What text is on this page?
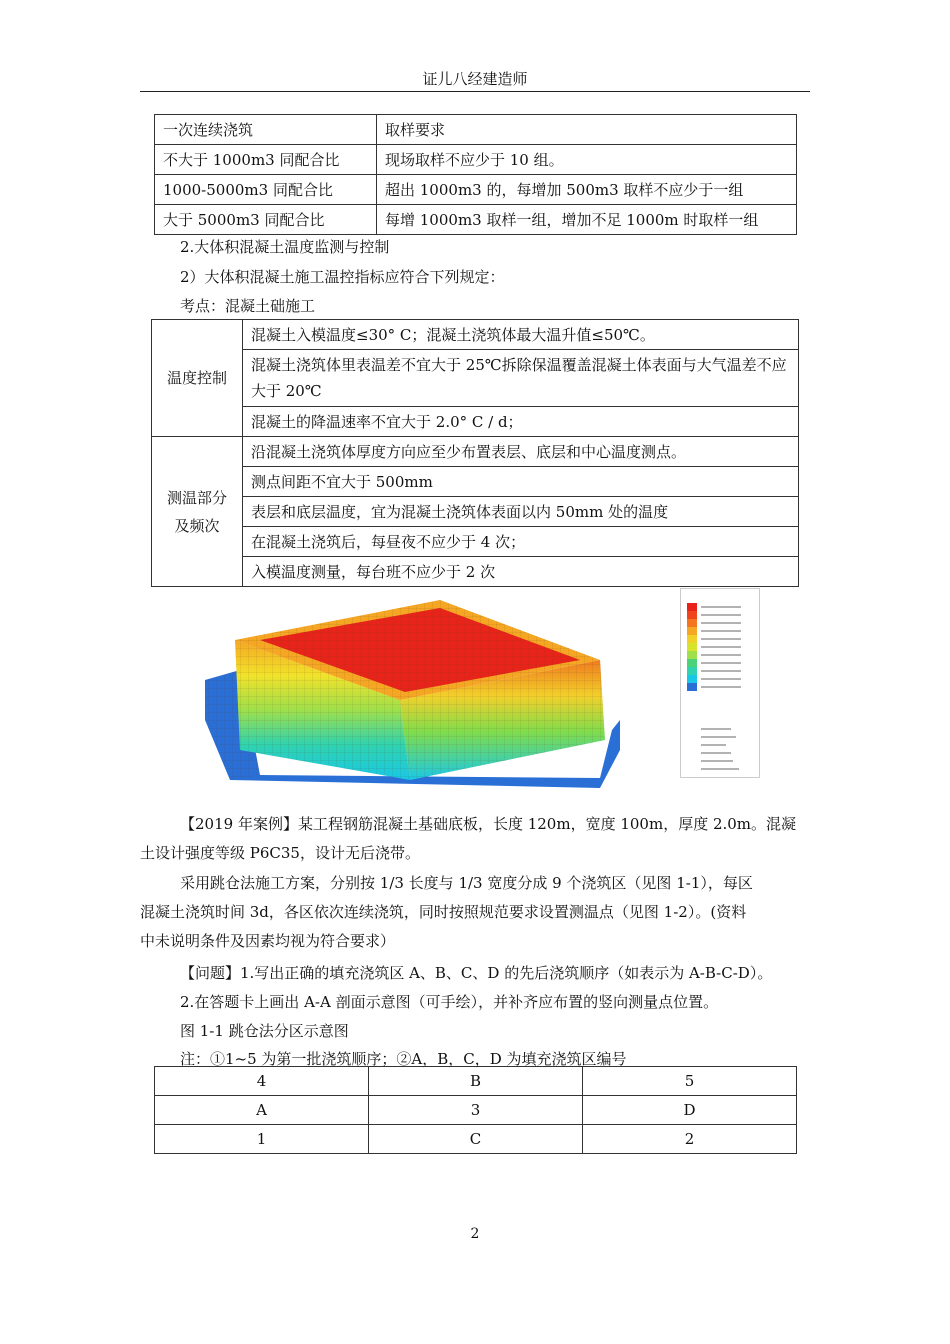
证儿八经建造师
一次连续浇筑	取样要求
不大于 1000m3 同配合比	现场取样不应少于 10 组。
1000-5000m3 同配合比	超出 1000m3 的，每增加 500m3 取样不应少于一组
大于 5000m3 同配合比	每增 1000m3 取样一组，增加不足 1000m 时取样一组
2.大体积混凝土温度监测与控制
2）大体积混凝土施工温控指标应符合下列规定：
考点：混凝土础施工
温度控制	混凝土入模温度≤30° C；混凝土浇筑体最大温升值≤50℃。
	混凝土浇筑体里表温差不宜大于 25℃拆除保温覆盖混凝土体表面与大气温差不应大于 20℃
	混凝土的降温速率不宜大于 2.0° C / d；
测温部分
及频次	沿混凝土浇筑体厚度方向应至少布置表层、底层和中心温度测点。
	测点间距不宜大于 500mm
	表层和底层温度，宜为混凝土浇筑体表面以内 50mm 处的温度
	在混凝土浇筑后，每昼夜不应少于 4 次；
	入模温度测量，每台班不应少于 2 次
【2019 年案例】某工程钢筋混凝土基础底板，长度 120m，宽度 100m，厚度 2.0m。混凝
土设计强度等级 P6C35，设计无后浇带。
采用跳仓法施工方案，分别按 1/3 长度与 1/3 宽度分成 9 个浇筑区（见图 1-1），每区
混凝土浇筑时间 3d，各区依次连续浇筑，同时按照规范要求设置测温点（见图 1-2）。(资料
中未说明条件及因素均视为符合要求）
【问题】1.写出正确的填充浇筑区 A、B、C、D 的先后浇筑顺序（如表示为 A-B-C-D）。
2.在答题卡上画出 A-A 剖面示意图（可手绘），并补齐应布置的竖向测量点位置。
图 1-1 跳仓法分区示意图
注：①1~5 为第一批浇筑顺序；②A，B，C，D 为填充浇筑区编号
4	B	5
A	3	D
1	C	2
2
